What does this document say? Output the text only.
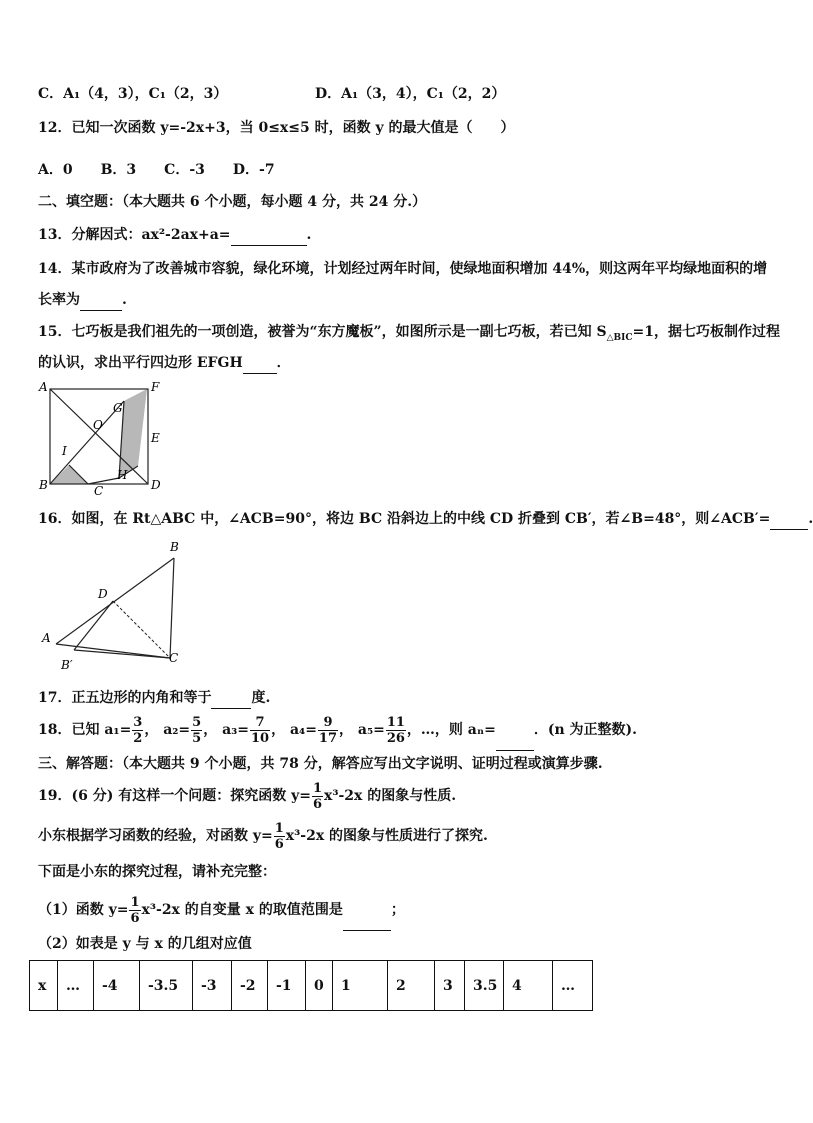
C．A₁（4，3），C₁（2，3）	D．A₁（3，4），C₁（2，2）
12．已知一次函数 y=-2x+3，当 0≤x≤5 时，函数 y 的最大值是（　　）
A．0　　B．3　　C．-3　　D．-7
二、填空题：（本大题共 6 个小题，每小题 4 分，共 24 分.）
13．分解因式：ax²-2ax+a=	.
14．某市政府为了改善城市容貌，绿化环境，计划经过两年时间，使绿地面积增加 44%，则这两年平均绿地面积的增
长率为	.
15．七巧板是我们祖先的一项创造，被誉为“东方魔板”，如图所示是一副七巧板，若已知 $S_{\triangle BIC}=1$，据七巧板制作过程
的认识，求出平行四边形 EFGH ．
A	F
G
O
E
I
H
B	C	D
16．如图，在 Rt△ABC 中，∠ACB=90°，将边 BC 沿斜边上的中线 CD 折叠到 CB′，若∠B=48°，则∠ACB′=	.
B
D
A
B′	C
17．正五边形的内角和等于	度.
18．已知 $a_1= \frac{3}{2}$ ， $a_2= \frac{5}{5}$ ， $a_3= \frac{7}{10}$ ， $a_4= \frac{9}{17}$ ， $a_5= \frac{11}{26}$ ，…，则 aₙ=	．(n 为正整数).
三、解答题：（本大题共 9 个小题，共 78 分，解答应写出文字说明、证明过程或演算步骤.
19．(6 分) 有这样一个问题：探究函数 $y= \frac{1}{6} x^3-2x$ 的图象与性质.
小东根据学习函数的经验，对函数 $y= \frac{1}{6} x^3-2x$ 的图象与性质进行了探究.
下面是小东的探究过程，请补充完整：
（1）函数 $y= \frac{1}{6} x^3-2x$ 的自变量 x 的取值范围是	；
（2）如表是 y 与 x 的几组对应值
x	…	-4	-3.5	-3	-2	-1	0	1	2	3	3.5	4	…
